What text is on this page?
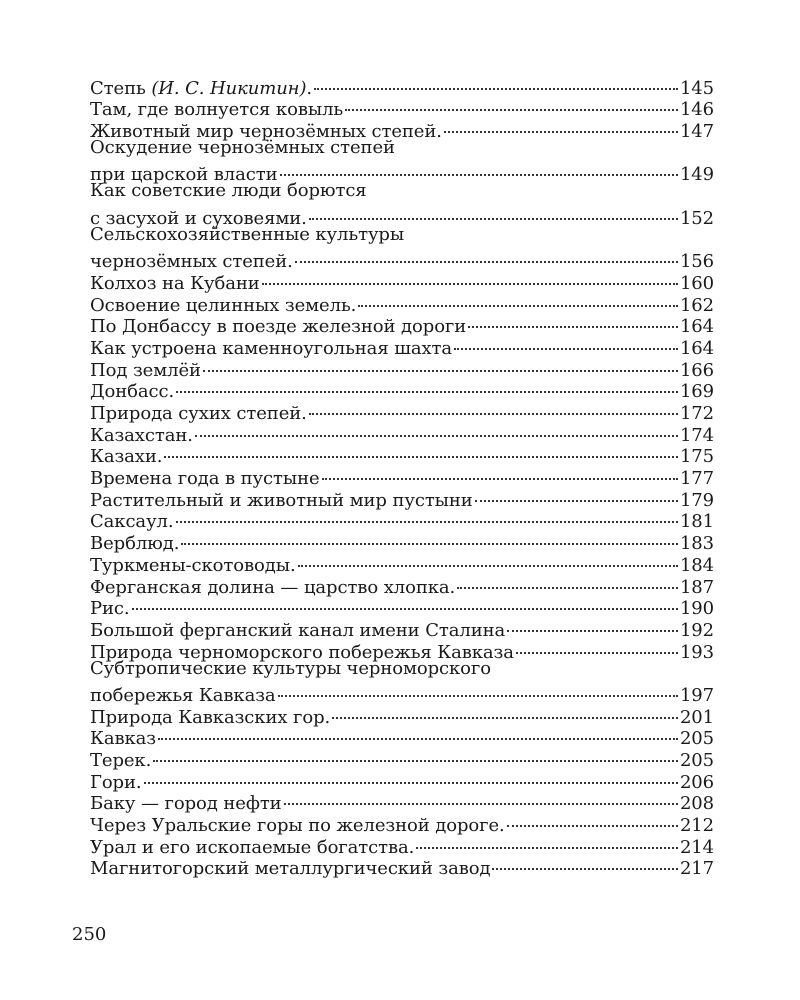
Степь (И. С. Никитин).	145
Там, где волнуется ковыль	146
Животный мир чернозёмных степей.	147
Оскудение чернозёмных степей
при царской власти	149
Как советские люди борются
с засухой и суховеями.	152
Сельскохозяйственные культуры
чернозёмных степей.	156
Колхоз на Кубани	160
Освоение целинных земель.	162
По Донбассу в поезде железной дороги	164
Как устроена каменноугольная шахта	164
Под землёй	166
Донбасс.	169
Природа сухих степей.	172
Казахстан.	174
Казахи.	175
Времена года в пустыне	177
Растительный и животный мир пустыни	179
Саксаул.	181
Верблюд.	183
Туркмены-скотоводы.	184
Ферганская долина — царство хлопка.	187
Рис.	190
Большой ферганский канал имени Сталина	192
Природа черноморского побережья Кавказа	193
Субтропические культуры черноморского
побережья Кавказа	197
Природа Кавказских гор.	201
Кавказ	205
Терек.	205
Гори.	206
Баку — город нефти	208
Через Уральские горы по железной дороге.	212
Урал и его ископаемые богатства.	214
Магнитогорский металлургический завод	217
250
